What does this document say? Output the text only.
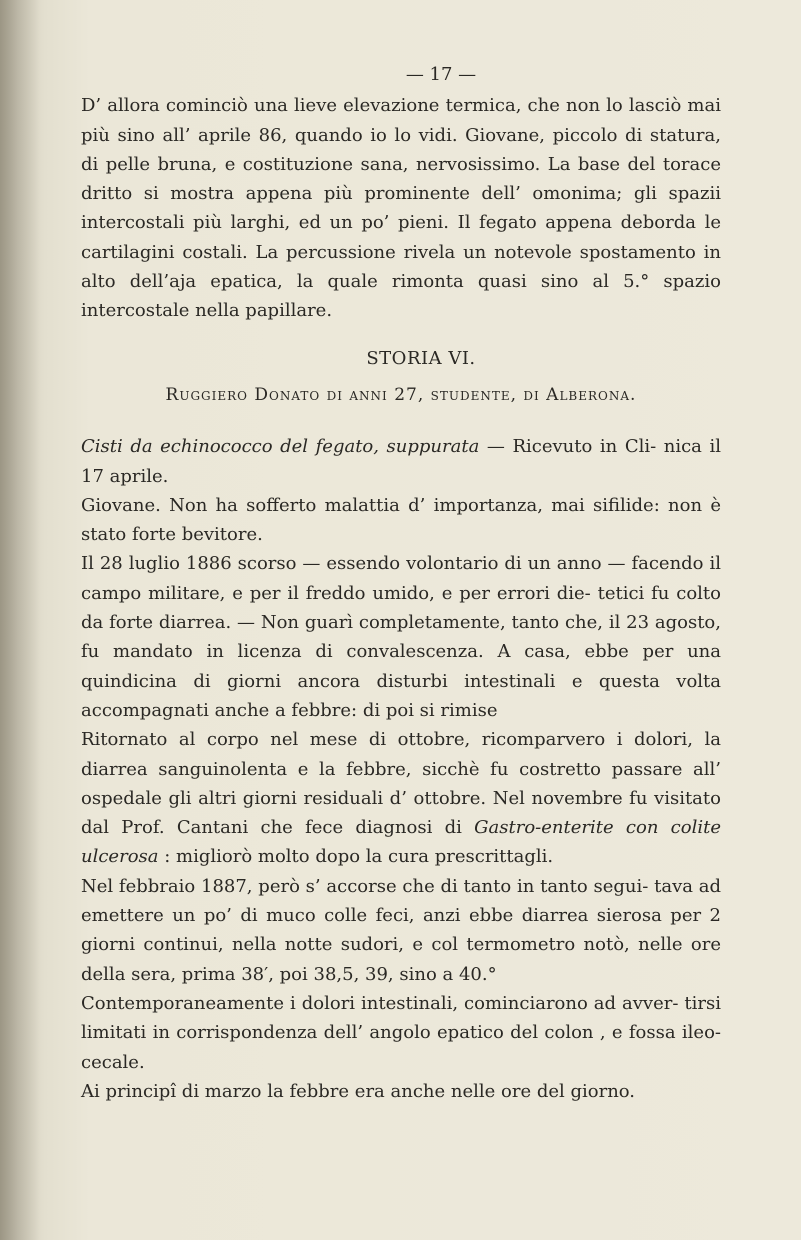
— 17 —

D’ allora cominciò una lieve elevazione termica, che non lo lasciò mai più sino all’ aprile 86, quando io lo vidi. Giovane, piccolo di statura, di pelle bruna, e costituzione sana, nervosissimo. La base del torace dritto si mostra appena più prominente dell’ omonima; gli spazii intercostali più larghi, ed un po’ pieni. Il fegato appena deborda le cartilagini costali. La percussione rivela un notevole spostamento in alto dell’aja epatica, la quale rimonta quasi sino al 5.° spazio intercostale nella papillare.

STORIA VI.
Ruggiero Donato di anni 27, studente, di Alberona.

Cisti da echinococco del fegato, suppurata — Ricevuto in Cli- nica il 17 aprile.

Giovane. Non ha sofferto malattia d’ importanza, mai sifilide: non è stato forte bevitore.

Il 28 luglio 1886 scorso — essendo volontario di un anno — facendo il campo militare, e per il freddo umido, e per errori die- tetici fu colto da forte diarrea. — Non guarì completamente, tanto che, il 23 agosto, fu mandato in licenza di convalescenza. A casa, ebbe per una quindicina di giorni ancora disturbi intestinali e questa volta accompagnati anche a febbre: di poi si rimise

Ritornato al corpo nel mese di ottobre, ricomparvero i dolori, la diarrea sanguinolenta e la febbre, sicchè fu costretto passare all’ ospedale gli altri giorni residuali d’ ottobre. Nel novembre fu visitato dal Prof. Cantani che fece diagnosi di Gastro-enterite con colite ulcerosa : migliorò molto dopo la cura prescrittagli.

Nel febbraio 1887, però s’ accorse che di tanto in tanto segui- tava ad emettere un po’ di muco colle feci, anzi ebbe diarrea sierosa per 2 giorni continui, nella notte sudori, e col termometro notò, nelle ore della sera, prima 38′, poi 38,5, 39, sino a 40.°

Contemporaneamente i dolori intestinali, cominciarono ad avver- tirsi limitati in corrispondenza dell’ angolo epatico del colon , e fossa ileo-cecale.

Ai principî di marzo la febbre era anche nelle ore del giorno.
